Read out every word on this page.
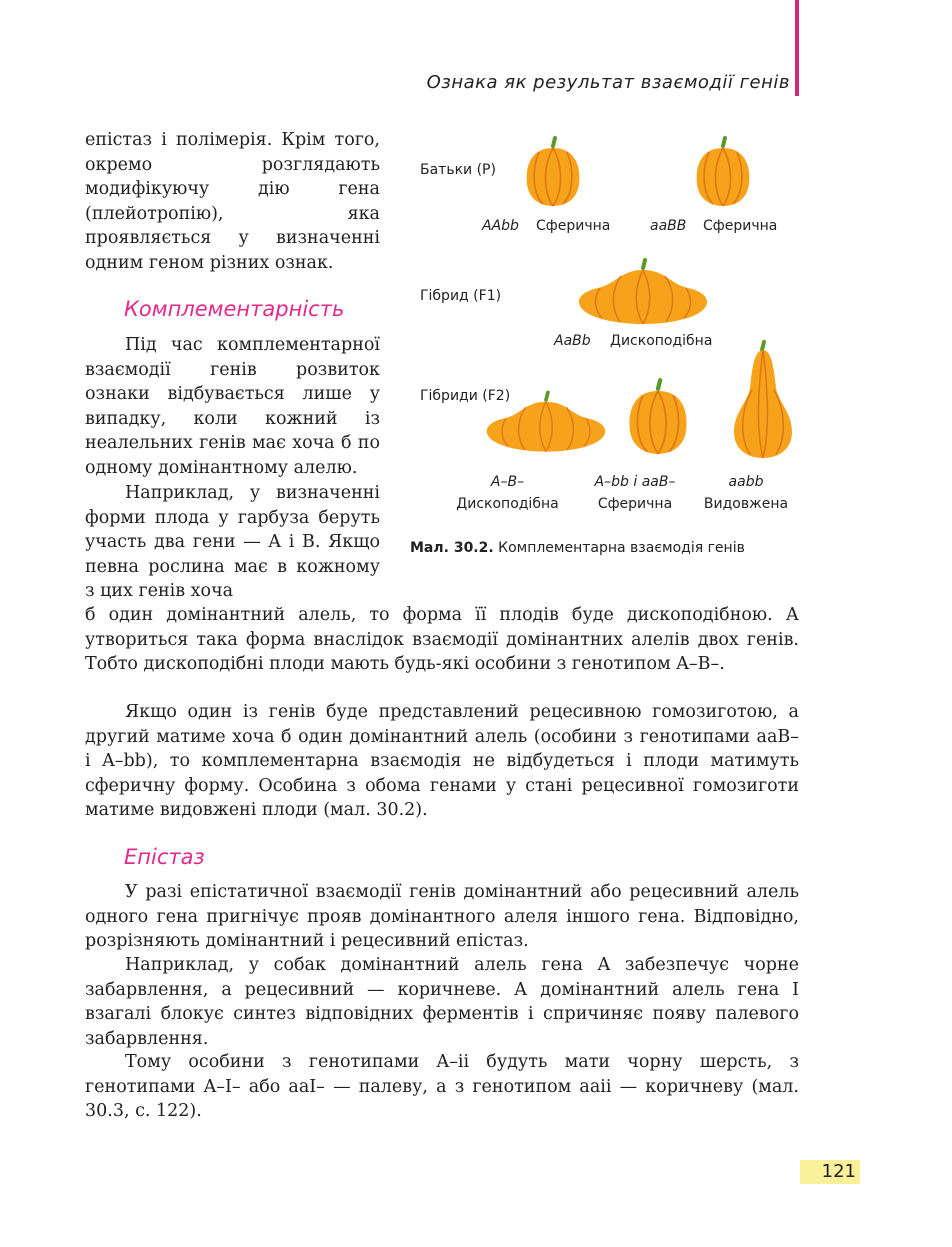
Ознака як результат взаємодії генів

епістаз і полімерія. Крім того, окремо розглядають модифікуючу дію гена (плейотропію), яка проявляється у визначенні одним геном різних ознак.

Комплементарність

Під час комплементарної взаємодії генів розвиток ознаки відбувається лише у випадку, коли кожний із неалельних генів має хоча б по одному домінантному алелю.

Наприклад, у визначенні форми плода у гарбуза беруть участь два гени — A і B. Якщо певна рослина має в кожному з цих генів хоча

б один домінантний алель, то форма її плодів буде дископодібною. А утвориться така форма внаслідок взаємодії домінантних алелів двох генів. Тобто дископодібні плоди мають будь-які особини з генотипом A–B–.

Якщо один із генів буде представлений рецесивною гомозиготою, а другий матиме хоча б один домінантний алель (особини з генотипами aaB– і A–bb), то комплементарна взаємодія не відбудеться і плоди матимуть сферичну форму. Особина з обома генами у стані рецесивної гомозиготи матиме видовжені плоди (мал. 30.2).

Епістаз

У разі епістатичної взаємодії генів домінантний або рецесивний алель одного гена пригнічує прояв домінантного алеля іншого гена. Відповідно, розрізняють домінантний і рецесивний епістаз.

Наприклад, у собак домінантний алель гена A забезпечує чорне забарвлення, а рецесивний — коричневе. А домінантний алель гена I взагалі блокує синтез відповідних ферментів і спричиняє появу палевого забарвлення.

Тому особини з генотипами A–ii будуть мати чорну шерсть, з генотипами A–I– або aaI– — палеву, а з генотипом aaii — коричневу (мал. 30.3, с. 122).

Батьки (P)
AAbb Сферична	aaBB Сферична
Гібрид (F1)
AaBb Дископодібна
Гібриди (F2)
A–B–
Дископодібна
A–bb і aaB–
Сферична
aabb
Видовжена
Мал. 30.2. Комплементарна взаємодія генів
121
